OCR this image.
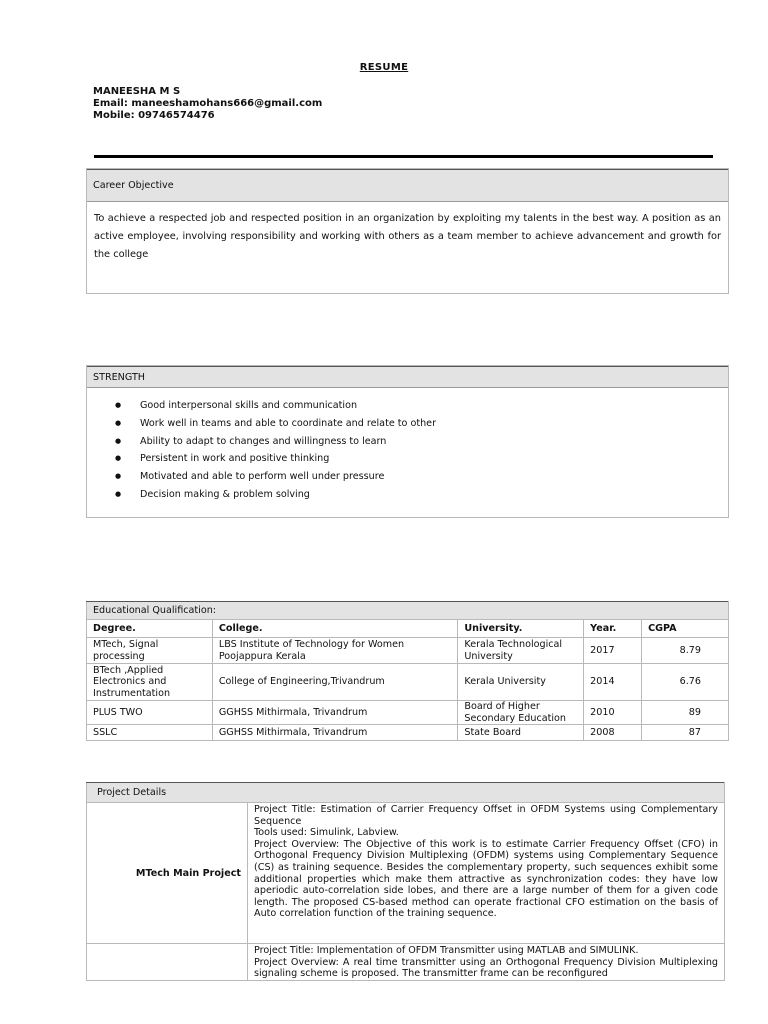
RESUME
MANEESHA M S
Email: maneeshamohans666@gmail.com
Mobile: 09746574476
Career Objective
To achieve a respected job and respected position in an organization by exploiting my talents in the best way. A position as an active employee, involving responsibility and working with others as a team member to achieve advancement and growth for the college
STRENGTH
● Good interpersonal skills and communication
● Work well in teams and able to coordinate and relate to other
● Ability to adapt to changes and willingness to learn
● Persistent in work and positive thinking
● Motivated and able to perform well under pressure
● Decision making & problem solving
Educational Qualification:				
Degree.	College.	University.	Year.	CGPA
MTech, Signal processing	LBS Institute of Technology for Women Poojappura Kerala	Kerala Technological University	2017	8.79
BTech ,Applied Electronics and Instrumentation	College of Engineering,Trivandrum	Kerala University	2014	6.76
PLUS TWO	GGHSS Mithirmala, Trivandrum	Board of Higher Secondary Education	2010	89
SSLC	GGHSS Mithirmala, Trivandrum	State Board	2008	87
Project Details	
MTech Main Project	Project Title: Estimation of Carrier Frequency Offset in OFDM Systems using Complementary Sequence
Tools used: Simulink, Labview.
Project Overview: The Objective of this work is to estimate Carrier Frequency Offset (CFO) in Orthogonal Frequency Division Multiplexing (OFDM) systems using Complementary Sequence (CS) as training sequence. Besides the complementary property, such sequences exhibit some additional properties which make them attractive as synchronization codes: they have low aperiodic auto-correlation side lobes, and there are a large number of them for a given code length. The proposed CS-based method can operate fractional CFO estimation on the basis of Auto correlation function of the training sequence.

	Project Title: Implementation of OFDM Transmitter using MATLAB and SIMULINK.
Project Overview: A real time transmitter using an Orthogonal Frequency Division Multiplexing signaling scheme is proposed. The transmitter frame can be reconfigured
